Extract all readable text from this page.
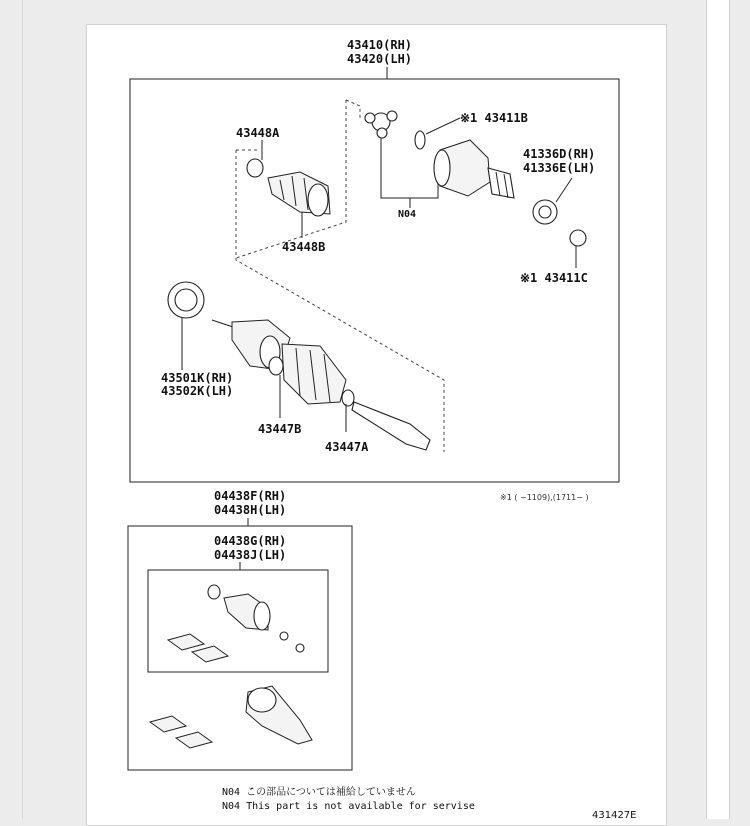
43410(RH)
43420(LH)
※1 43411B
43448A
41336D(RH)
41336E(LH)
N04
43448B
※1 43411C
43501K(RH)
43502K(LH)
43447B
43447A
※1 ( −1109),(1711− )
04438F(RH)
04438H(LH)
04438G(RH)
04438J(LH)
N04 この部品については補給していません
N04 This part is not available for servise
431427E
